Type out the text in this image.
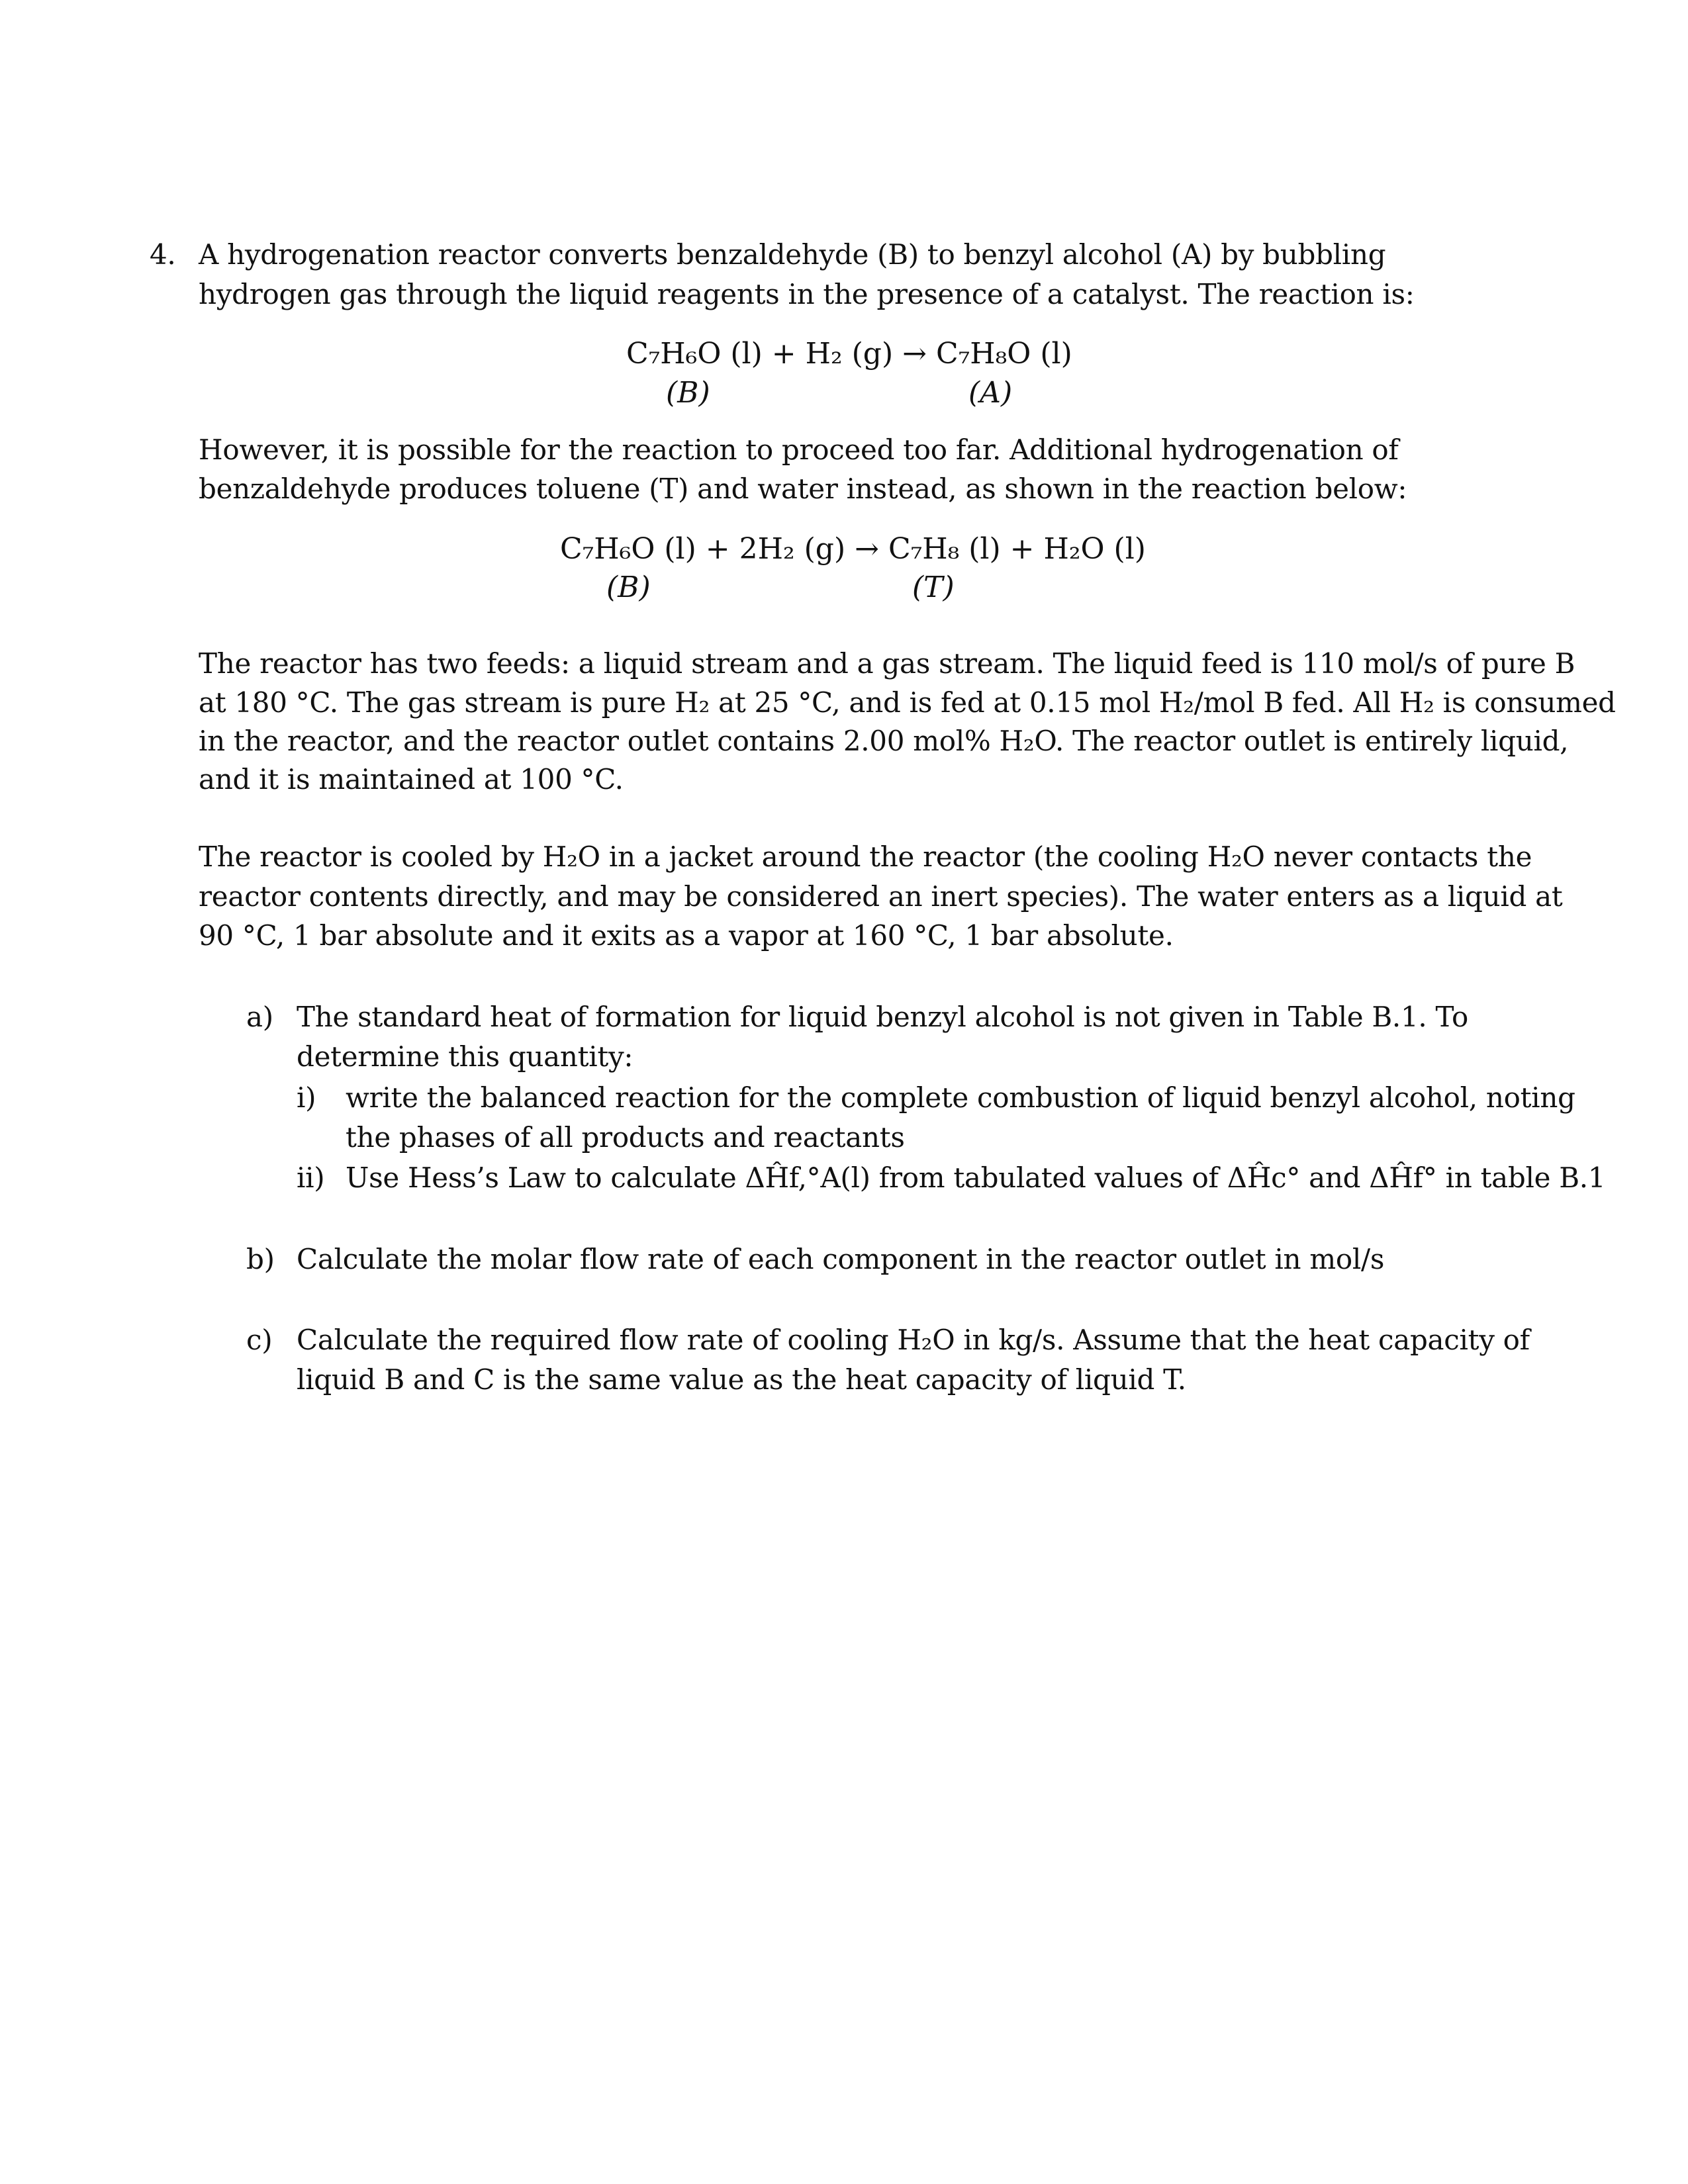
4. A hydrogenation reactor converts benzaldehyde (B) to benzyl alcohol (A) by bubbling
hydrogen gas through the liquid reagents in the presence of a catalyst. The reaction is:
C₇H₆O (l) + H₂ (g) → C₇H₈O (l)
(B)	(A)
However, it is possible for the reaction to proceed too far. Additional hydrogenation of
benzaldehyde produces toluene (T) and water instead, as shown in the reaction below:
C₇H₆O (l) + 2H₂ (g) → C₇H₈ (l) + H₂O (l)
(B)	(T)
The reactor has two feeds: a liquid stream and a gas stream. The liquid feed is 110 mol/s of pure B
at 180 °C. The gas stream is pure H₂ at 25 °C, and is fed at 0.15 mol H₂/mol B fed. All H₂ is consumed
in the reactor, and the reactor outlet contains 2.00 mol% H₂O. The reactor outlet is entirely liquid,
and it is maintained at 100 °C.
The reactor is cooled by H₂O in a jacket around the reactor (the cooling H₂O never contacts the
reactor contents directly, and may be considered an inert species). The water enters as a liquid at
90 °C, 1 bar absolute and it exits as a vapor at 160 °C, 1 bar absolute.
a) The standard heat of formation for liquid benzyl alcohol is not given in Table B.1. To
determine this quantity:
i) write the balanced reaction for the complete combustion of liquid benzyl alcohol, noting
the phases of all products and reactants
ii) Use Hess’s Law to calculate ΔĤf,°A(l) from tabulated values of ΔĤc° and ΔĤf° in table B.1
b) Calculate the molar flow rate of each component in the reactor outlet in mol/s
c) Calculate the required flow rate of cooling H₂O in kg/s. Assume that the heat capacity of
liquid B and C is the same value as the heat capacity of liquid T.
